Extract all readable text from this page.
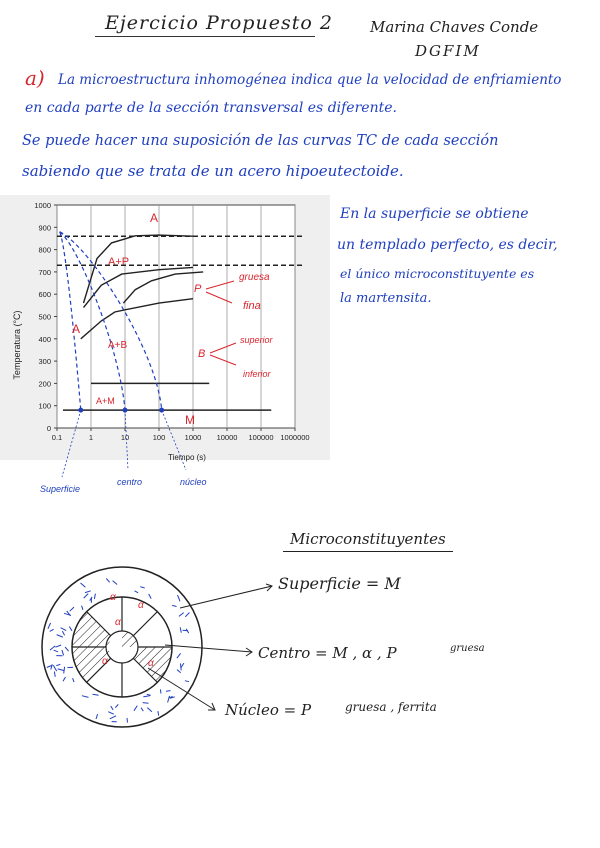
Ejercicio Propuesto 2 Marina Chaves Conde
DGFIM
a) La microestructura inhomogénea indica que la velocidad de enfriamiento
en cada parte de la sección transversal es diferente.
Se puede hacer una suposición de las curvas TC de cada sección
sabiendo que se trata de un acero hipoeutectoide.
0
100
200
300
400
500
600
700
800
900
1000
0.1	1	10	100	1000 10000 100000 1000000
Temperatura (°C)
Tiempo (s)
A
A+P
A
A+B
A+M
M
P
gruesa
fina
B
superior
inferior
Superficie
centro	núcleo
En la superficie se obtiene
un templado perfecto, es decir,
el único microconstituyente es
la martensita.
Microconstituyentes
α
α
α
α	α
Superficie = M
Centro = M , α , P	gruesa
Núcleo = P	gruesa , ferrita
